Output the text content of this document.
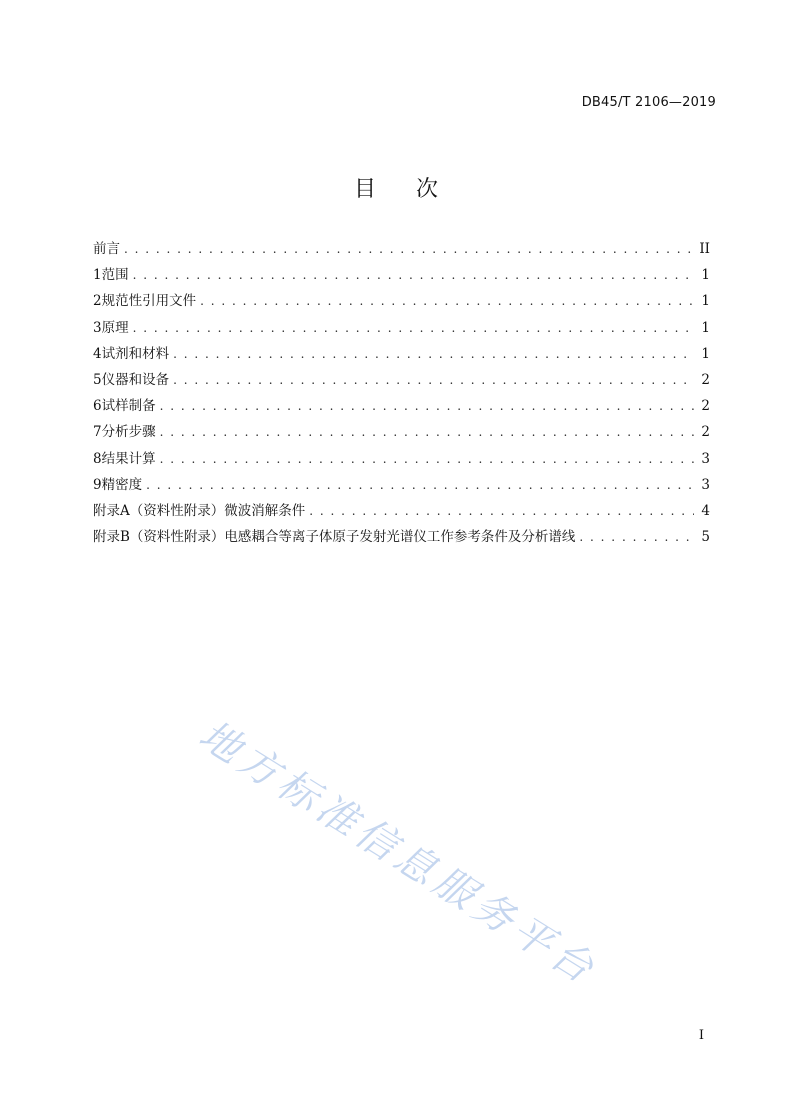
DB45/T 2106—2019
目 次
前言 . . .	II
1 范围 . . .	1
2 规范性引用文件 . . .	1
3 原理 . . .	1
4 试剂和材料 . . .	1
5 仪器和设备 . . .	2
6 试样制备 . . .	2
7 分析步骤 . . .	2
8 结果计算 . . .	3
9 精密度 . . .	3
附录A（资料性附录）微波消解条件 . . .	4
附录B（资料性附录）电感耦合等离子体原子发射光谱仪工作参考条件及分析谱线 . . .	5
地方标准信息服务平台
I
